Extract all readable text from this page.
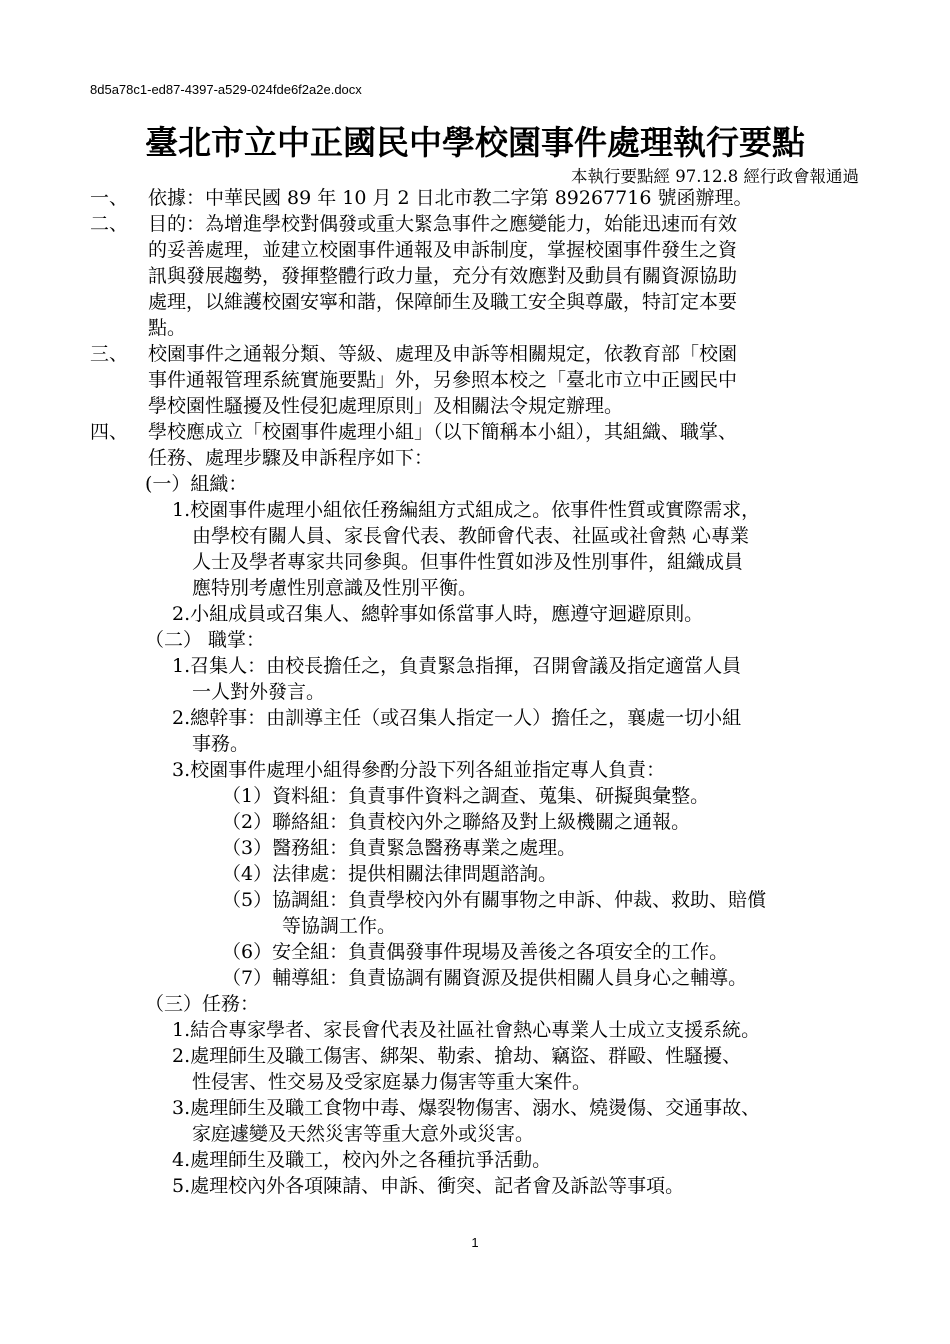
8d5a78c1-ed87-4397-a529-024fde6f2a2e.docx
臺北市立中正國民中學校園事件處理執行要點
本執行要點經 97.12.8 經行政會報通過
一、 依據：中華民國 89 年 10 月 2 日北市教二字第 89267716 號函辦理。
二、 目的：為增進學校對偶發或重大緊急事件之應變能力，始能迅速而有效
的妥善處理，並建立校園事件通報及申訴制度，掌握校園事件發生之資
訊與發展趨勢，發揮整體行政力量，充分有效應對及動員有關資源協助
處理，以維護校園安寧和諧，保障師生及職工安全與尊嚴，特訂定本要
點。
三、 校園事件之通報分類、等級、處理及申訴等相關規定，依教育部「校園
事件通報管理系統實施要點」外，另參照本校之「臺北市立中正國民中
學校園性騷擾及性侵犯處理原則」及相關法令規定辦理。
四、 學校應成立「校園事件處理小組」（以下簡稱本小組），其組織、職掌、
任務、處理步驟及申訴程序如下：
(一）組織：
1.校園事件處理小組依任務編組方式組成之。依事件性質或實際需求，
由學校有關人員、家長會代表、教師會代表、社區或社會熱 心專業
人士及學者專家共同參與。但事件性質如涉及性別事件，組織成員
應特別考慮性別意識及性別平衡。
2.小組成員或召集人、總幹事如係當事人時，應遵守迴避原則。
（二） 職掌：
1.召集人：由校長擔任之，負責緊急指揮，召開會議及指定適當人員
一人對外發言。
2.總幹事：由訓導主任（或召集人指定一人）擔任之，襄處一切小組
事務。
3.校園事件處理小組得參酌分設下列各組並指定專人負責：
（1）資料組：負責事件資料之調查、蒐集、研擬與彙整。
（2）聯絡組：負責校內外之聯絡及對上級機關之通報。
（3）醫務組：負責緊急醫務專業之處理。
（4）法律處：提供相關法律問題諮詢。
（5）協調組：負責學校內外有關事物之申訴、仲裁、救助、賠償
等協調工作。
（6）安全組：負責偶發事件現場及善後之各項安全的工作。
（7）輔導組：負責協調有關資源及提供相關人員身心之輔導。
（三）任務：
1.結合專家學者、家長會代表及社區社會熱心專業人士成立支援系統。
2.處理師生及職工傷害、綁架、勒索、搶劫、竊盜、群毆、性騷擾、
性侵害、性交易及受家庭暴力傷害等重大案件。
3.處理師生及職工食物中毒、爆裂物傷害、溺水、燒燙傷、交通事故、
家庭遽變及天然災害等重大意外或災害。
4.處理師生及職工，校內外之各種抗爭活動。
5.處理校內外各項陳請、申訴、衝突、記者會及訴訟等事項。
1
